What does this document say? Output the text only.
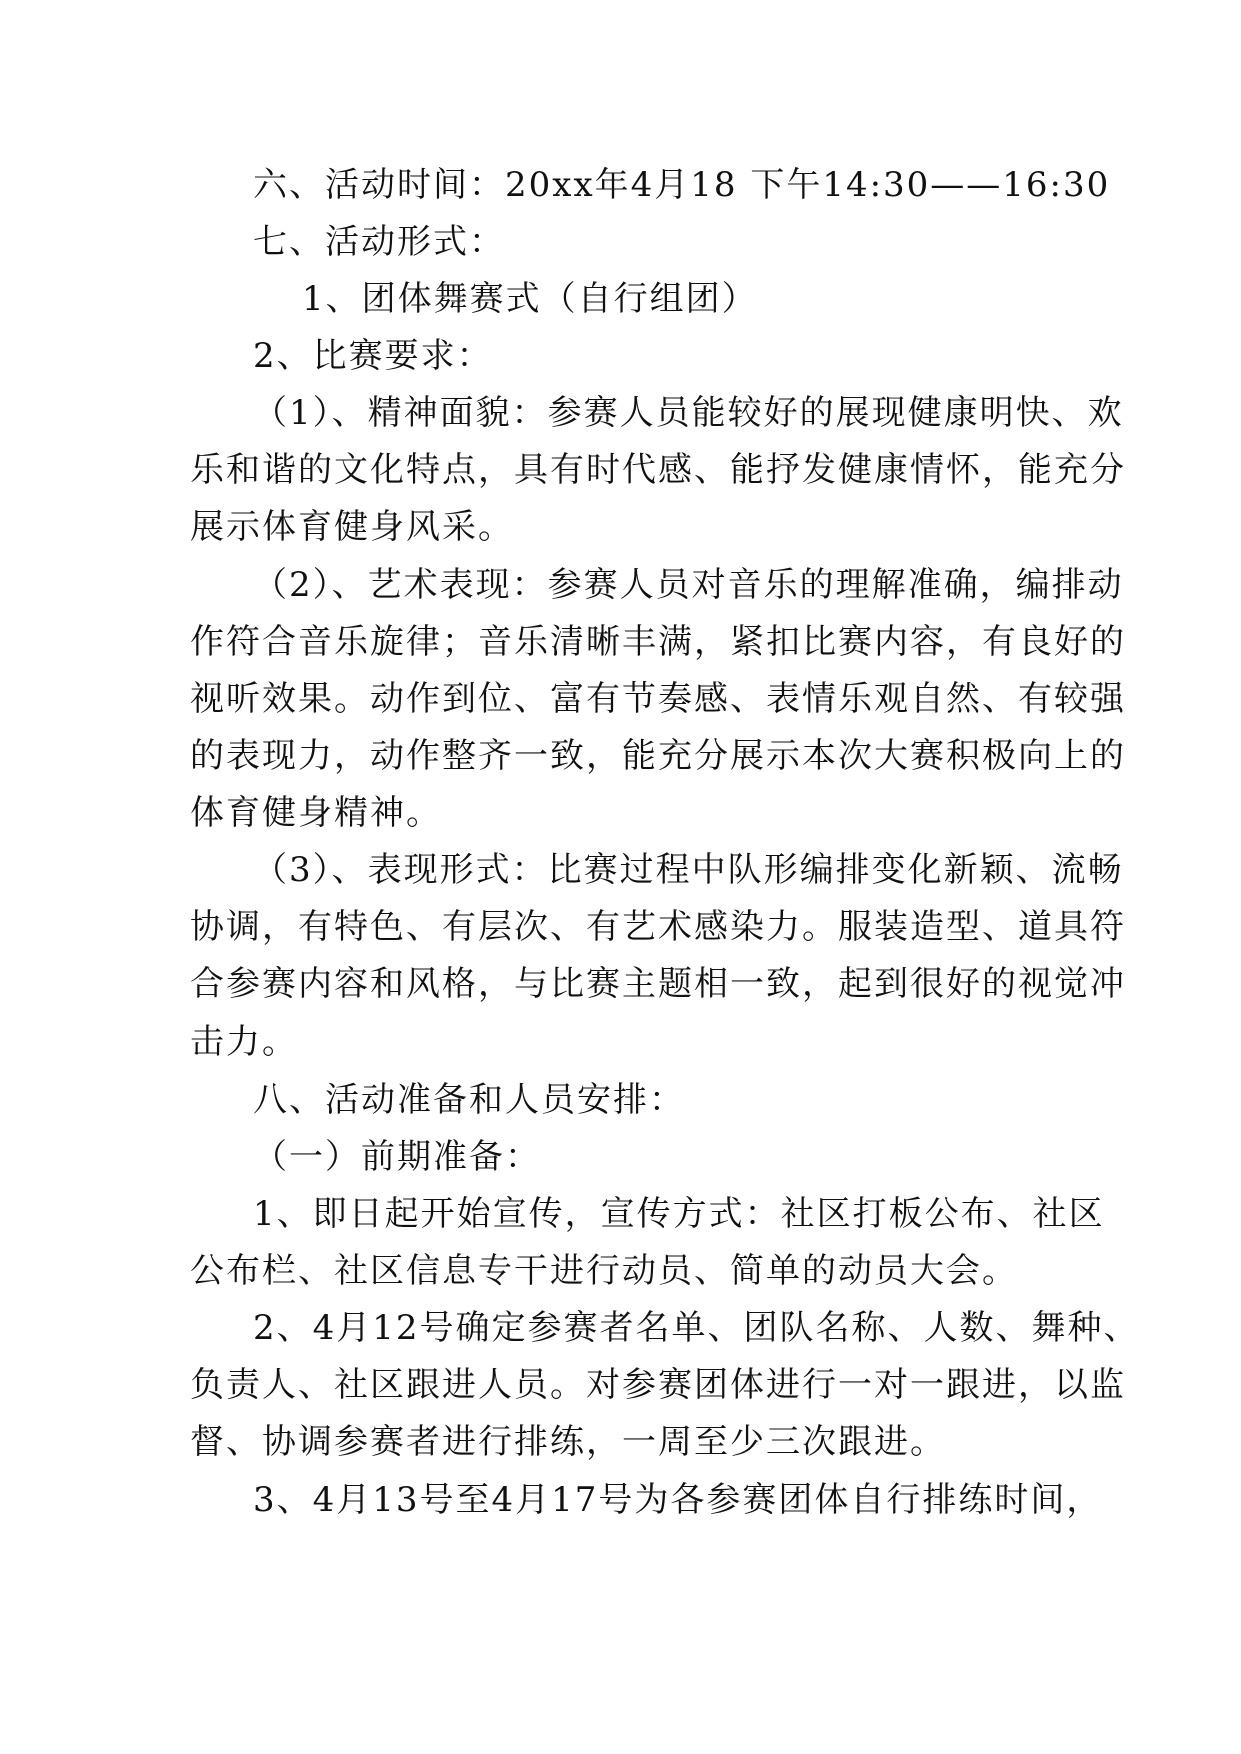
六、活动时间：20xx年4月18 下午14:30——16:30
七、活动形式：
1、团体舞赛式（自行组团）
2、比赛要求：
（1）、精神面貌：参赛人员能较好的展现健康明快、欢
乐和谐的文化特点，具有时代感、能抒发健康情怀，能充分
展示体育健身风采。
（2）、艺术表现：参赛人员对音乐的理解准确，编排动
作符合音乐旋律；音乐清晰丰满，紧扣比赛内容，有良好的
视听效果。动作到位、富有节奏感、表情乐观自然、有较强
的表现力，动作整齐一致，能充分展示本次大赛积极向上的
体育健身精神。
（3）、表现形式：比赛过程中队形编排变化新颖、流畅
协调，有特色、有层次、有艺术感染力。服装造型、道具符
合参赛内容和风格，与比赛主题相一致，起到很好的视觉冲
击力。
八、活动准备和人员安排：
（一）前期准备：
1、即日起开始宣传，宣传方式：社区打板公布、社区
公布栏、社区信息专干进行动员、简单的动员大会。
2、4月12号确定参赛者名单、团队名称、人数、舞种、
负责人、社区跟进人员。对参赛团体进行一对一跟进，以监
督、协调参赛者进行排练，一周至少三次跟进。
3、4月13号至4月17号为各参赛团体自行排练时间，
